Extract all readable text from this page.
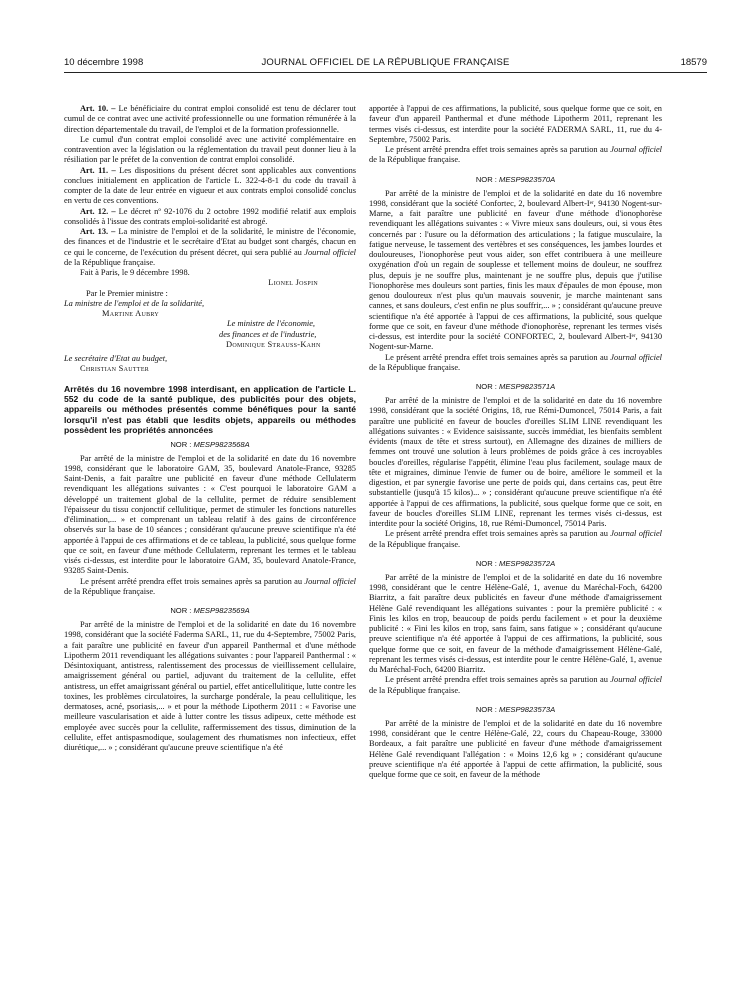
10 décembre 1998	JOURNAL OFFICIEL DE LA RÉPUBLIQUE FRANÇAISE	18579

Art. 10. – Le bénéficiaire du contrat emploi consolidé est tenu de déclarer tout cumul de ce contrat avec une activité professionnelle ou une formation rémunérée à la direction départementale du travail, de l'emploi et de la formation professionnelle.

Le cumul d'un contrat emploi consolidé avec une activité complémentaire en contravention avec la législation ou la réglementation du travail peut donner lieu à la résiliation par le préfet de la convention de contrat emploi consolidé.

Art. 11. – Les dispositions du présent décret sont applicables aux conventions conclues initialement en application de l'article L. 322-4-8-1 du code du travail à compter de la date de leur entrée en vigueur et aux contrats emploi consolidé conclus en vertu de ces conventions.

Art. 12. – Le décret nº 92-1076 du 2 octobre 1992 modifié relatif aux emplois consolidés à l'issue des contrats emploi-solidarité est abrogé.

Art. 13. – La ministre de l'emploi et de la solidarité, le ministre de l'économie, des finances et de l'industrie et le secrétaire d'Etat au budget sont chargés, chacun en ce qui le concerne, de l'exécution du présent décret, qui sera publié au Journal officiel de la République française.

Fait à Paris, le 9 décembre 1998.

Lionel Jospin

Par le Premier ministre :

La ministre de l'emploi et de la solidarité,

Martine Aubry

Le ministre de l'économie,

des finances et de l'industrie,

Dominique Strauss-Kahn

Le secrétaire d'Etat au budget,

Christian Sautter

Arrêtés du 16 novembre 1998 interdisant, en application de l'article L. 552 du code de la santé publique, des publicités pour des objets, appareils ou méthodes présentés comme bénéfiques pour la santé lorsqu'il n'est pas établi que lesdits objets, appareils ou méthodes possèdent les propriétés annoncées
NOR : MESP9823568A

Par arrêté de la ministre de l'emploi et de la solidarité en date du 16 novembre 1998, considérant que le laboratoire GAM, 35, boulevard Anatole-France, 93285 Saint-Denis, a fait paraître une publicité en faveur d'une méthode Cellulaterm revendiquant les allégations suivantes : « C'est pourquoi le laboratoire GAM a développé un traitement global de la cellulite, permet de réduire sensiblement l'épaisseur du tissu conjonctif cellulitique, permet de stimuler les fonctions naturelles d'élimination,... » et comprenant un tableau relatif à des gains de circonférence observés sur la base de 10 séances ; considérant qu'aucune preuve scientifique n'a été apportée à l'appui de ces affirmations et de ce tableau, la publicité, sous quelque forme que ce soit, en faveur d'une méthode Cellulaterm, reprenant les termes et le tableau visés ci-dessus, est interdite pour le laboratoire GAM, 35, boulevard Anatole-France, 93285 Saint-Denis.

Le présent arrêté prendra effet trois semaines après sa parution au Journal officiel de la République française.

NOR : MESP9823569A

Par arrêté de la ministre de l'emploi et de la solidarité en date du 16 novembre 1998, considérant que la société Faderma SARL, 11, rue du 4-Septembre, 75002 Paris, a fait paraître une publicité en faveur d'un appareil Panthermal et d'une méthode Lipotherm 2011 revendiquant les allégations suivantes : pour l'appareil Panthermal : « Désintoxiquant, antistress, ralentissement des processus de vieillissement cellulaire, amaigrissement général ou partiel, adjuvant du traitement de la cellulite, effet antistress, un effet amaigrissant général ou partiel, effet anticellulitique, lutte contre les toxines, les problèmes circulatoires, la surcharge pondérale, la peau cellulitique, les dermatoses, acné, psoriasis,... » et pour la méthode Lipotherm 2011 : « Favorise une meilleure vascularisation et aide à lutter contre les tissus adipeux, cette méthode est employée avec succès pour la cellulite, raffermissement des tissus, diminution de la cellulite, effet antispasmodique, soulagement des rhumatismes non infectieux, effet diurétique,... » ; considérant qu'aucune preuve scientifique n'a été

apportée à l'appui de ces affirmations, la publicité, sous quelque forme que ce soit, en faveur d'un appareil Panthermal et d'une méthode Lipotherm 2011, reprenant les termes visés ci-dessus, est interdite pour la société FADERMA SARL, 11, rue du 4-Septembre, 75002 Paris.

Le présent arrêté prendra effet trois semaines après sa parution au Journal officiel de la République française.

NOR : MESP9823570A

Par arrêté de la ministre de l'emploi et de la solidarité en date du 16 novembre 1998, considérant que la société Confortec, 2, boulevard Albert-Iᵉʳ, 94130 Nogent-sur-Marne, a fait paraître une publicité en faveur d'une méthode d'ionophorèse revendiquant les allégations suivantes : « Vivre mieux sans douleurs, oui, si vous êtes concernés par : l'usure ou la déformation des articulations ; la fatigue musculaire, la fatigue nerveuse, le tassement des vertèbres et ses conséquences, les jambes lourdes et douloureuses, l'ionophorèse peut vous aider, son effet contribuera à une meilleure oxygénation d'où un regain de souplesse et tellement moins de douleur, ne souffrez plus, depuis je ne souffre plus, maintenant je ne souffre plus, depuis que j'utilise l'ionophorèse mes douleurs sont parties, finis les maux d'épaules de mon épouse, mon genou douloureux n'est plus qu'un mauvais souvenir, je marche maintenant sans cannes, et sans douleurs, c'est enfin ne plus souffrir,... » ; considérant qu'aucune preuve scientifique n'a été apportée à l'appui de ces affirmations, la publicité, sous quelque forme que ce soit, en faveur d'une méthode d'ionophorèse, reprenant les termes visés ci-dessus, est interdite pour la société CONFORTEC, 2, boulevard Albert-Iᵉʳ, 94130 Nogent-sur-Marne.

Le présent arrêté prendra effet trois semaines après sa parution au Journal officiel de la République française.

NOR : MESP9823571A

Par arrêté de la ministre de l'emploi et de la solidarité en date du 16 novembre 1998, considérant que la société Origins, 18, rue Rémi-Dumoncel, 75014 Paris, a fait paraître une publicité en faveur de boucles d'oreilles SLIM LINE revendiquant les allégations suivantes : « Evidence saisissante, succès immédiat, les bienfaits semblent évidents (maux de tête et stress surtout), en Allemagne des dizaines de milliers de femmes ont trouvé une solution à leurs problèmes de poids grâce à ces incroyables boucles d'oreilles, régularise l'appétit, élimine l'eau plus facilement, soulage maux de tête et migraines, diminue l'envie de fumer ou de boire, améliore le sommeil et la digestion, et par synergie favorise une perte de poids qui, dans certains cas, peut être substantielle (jusqu'à 15 kilos)... » ; considérant qu'aucune preuve scientifique n'a été apportée à l'appui de ces affirmations, la publicité, sous quelque forme que ce soit, en faveur de boucles d'oreilles SLIM LINE, reprenant les termes visés ci-dessus, est interdite pour la société Origins, 18, rue Rémi-Dumoncel, 75014 Paris.

Le présent arrêté prendra effet trois semaines après sa parution au Journal officiel de la République française.

NOR : MESP9823572A

Par arrêté de la ministre de l'emploi et de la solidarité en date du 16 novembre 1998, considérant que le centre Hélène-Galé, 1, avenue du Maréchal-Foch, 64200 Biarritz, a fait paraître deux publicités en faveur d'une méthode d'amaigrissement Hélène Galé revendiquant les allégations suivantes : pour la première publicité : « Finis les kilos en trop, beaucoup de poids perdu facilement » et pour la deuxième publicité : « Fini les kilos en trop, sans faim, sans fatigue » ; considérant qu'aucune preuve scientifique n'a été apportée à l'appui de ces affirmations, la publicité, sous quelque forme que ce soit, en faveur de la méthode d'amaigrissement Hélène-Galé, reprenant les termes visés ci-dessus, est interdite pour le centre Hélène-Galé, 1, avenue du Maréchal-Foch, 64200 Biarritz.

Le présent arrêté prendra effet trois semaines après sa parution au Journal officiel de la République française.

NOR : MESP9823573A

Par arrêté de la ministre de l'emploi et de la solidarité en date du 16 novembre 1998, considérant que le centre Hélène-Galé, 22, cours du Chapeau-Rouge, 33000 Bordeaux, a fait paraître une publicité en faveur d'une méthode d'amaigrissement Hélène Galé revendiquant l'allégation : « Moins 12,6 kg » ; considérant qu'aucune preuve scientifique n'a été apportée à l'appui de cette affirmation, la publicité, sous quelque forme que ce soit, en faveur de la méthode
